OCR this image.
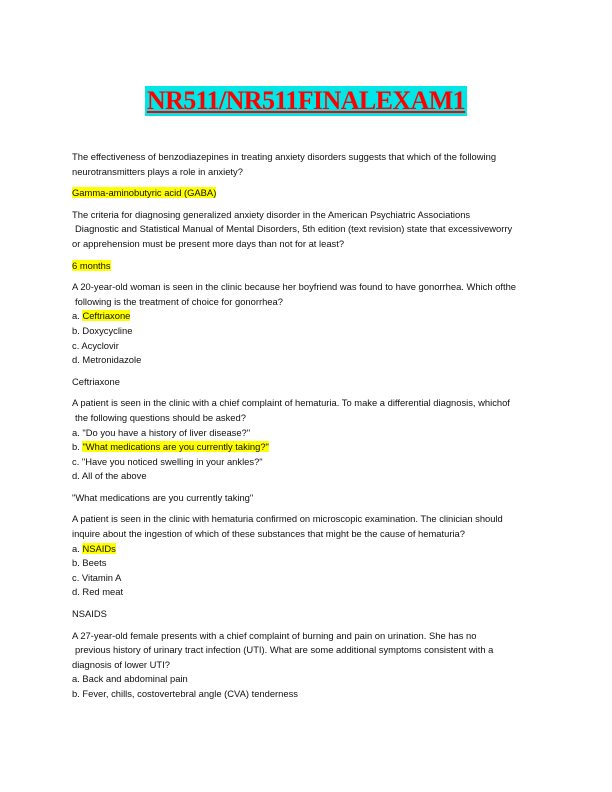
NR511/NR511FINALEXAM1

The effectiveness of benzodiazepines in treating anxiety disorders suggests that which of the following

neurotransmitters plays a role in anxiety?

Gamma-aminobutyric acid (GABA)

The criteria for diagnosing generalized anxiety disorder in the American Psychiatric Associations

Diagnostic and Statistical Manual of Mental Disorders, 5th edition (text revision) state that excessiveworry

or apprehension must be present more days than not for at least?

6 months

A 20-year-old woman is seen in the clinic because her boyfriend was found to have gonorrhea. Which ofthe

following is the treatment of choice for gonorrhea?

a. Ceftriaxone

b. Doxycycline

c. Acyclovir

d. Metronidazole

Ceftriaxone

A patient is seen in the clinic with a chief complaint of hematuria. To make a differential diagnosis, whichof

the following questions should be asked?

a. "Do you have a history of liver disease?"

b. "What medications are you currently taking?"

c. "Have you noticed swelling in your ankles?"

d. All of the above

"What medications are you currently taking"

A patient is seen in the clinic with hematuria confirmed on microscopic examination. The clinician should

inquire about the ingestion of which of these substances that might be the cause of hematuria?

a. NSAIDs

b. Beets

c. Vitamin A

d. Red meat

NSAIDS

A 27-year-old female presents with a chief complaint of burning and pain on urination. She has no

previous history of urinary tract infection (UTI). What are some additional symptoms consistent with a

diagnosis of lower UTI?

a. Back and abdominal pain

b. Fever, chills, costovertebral angle (CVA) tenderness
